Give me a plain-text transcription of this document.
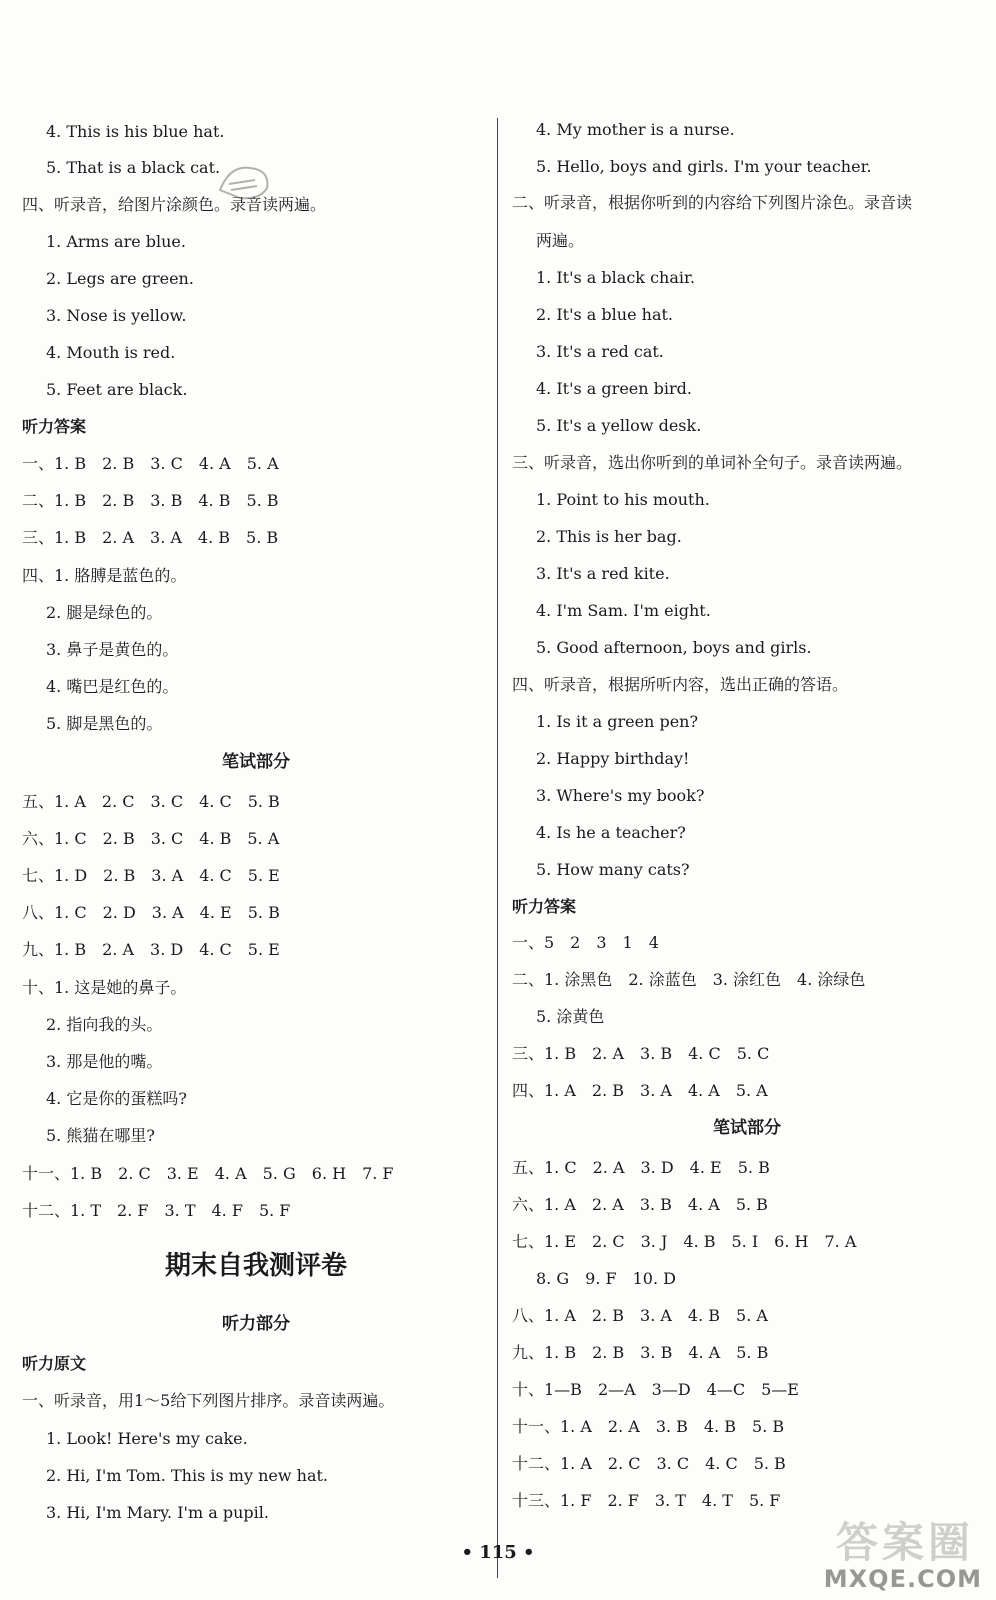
4. This is his blue hat.
5. That is a black cat.
四、听录音，给图片涂颜色。录音读两遍。
1. Arms are blue.
2. Legs are green.
3. Nose is yellow.
4. Mouth is red.
5. Feet are black.
听力答案
一、1. B　2. B　3. C　4. A　5. A
二、1. B　2. B　3. B　4. B　5. B
三、1. B　2. A　3. A　4. B　5. B
四、1. 胳膊是蓝色的。
2. 腿是绿色的。
3. 鼻子是黄色的。
4. 嘴巴是红色的。
5. 脚是黑色的。
笔试部分
五、1. A　2. C　3. C　4. C　5. B
六、1. C　2. B　3. C　4. B　5. A
七、1. D　2. B　3. A　4. C　5. E
八、1. C　2. D　3. A　4. E　5. B
九、1. B　2. A　3. D　4. C　5. E
十、1. 这是她的鼻子。
2. 指向我的头。
3. 那是他的嘴。
4. 它是你的蛋糕吗?
5. 熊猫在哪里?
十一、1. B　2. C　3. E　4. A　5. G　6. H　7. F
十二、1. T　2. F　3. T　4. F　5. F
期末自我测评卷
听力部分
听力原文
一、听录音，用1～5给下列图片排序。录音读两遍。
1. Look! Here's my cake.
2. Hi, I'm Tom. This is my new hat.
3. Hi, I'm Mary. I'm a pupil.
4. My mother is a nurse.
5. Hello, boys and girls. I'm your teacher.
二、听录音，根据你听到的内容给下列图片涂色。录音读
两遍。
1. It's a black chair.
2. It's a blue hat.
3. It's a red cat.
4. It's a green bird.
5. It's a yellow desk.
三、听录音，选出你听到的单词补全句子。录音读两遍。
1. Point to his mouth.
2. This is her bag.
3. It's a red kite.
4. I'm Sam. I'm eight.
5. Good afternoon, boys and girls.
四、听录音，根据所听内容，选出正确的答语。
1. Is it a green pen?
2. Happy birthday!
3. Where's my book?
4. Is he a teacher?
5. How many cats?
听力答案
一、5　2　3　1　4
二、1. 涂黑色　2. 涂蓝色　3. 涂红色　4. 涂绿色
5. 涂黄色
三、1. B　2. A　3. B　4. C　5. C
四、1. A　2. B　3. A　4. A　5. A
笔试部分
五、1. C　2. A　3. D　4. E　5. B
六、1. A　2. A　3. B　4. A　5. B
七、1. E　2. C　3. J　4. B　5. I　6. H　7. A
8. G　9. F　10. D
八、1. A　2. B　3. A　4. B　5. A
九、1. B　2. B　3. B　4. A　5. B
十、1—B　2—A　3—D　4—C　5—E
十一、1. A　2. A　3. B　4. B　5. B
十二、1. A　2. C　3. C　4. C　5. B
十三、1. F　2. F　3. T　4. T　5. F
• 115 •	答案圈
MXQE.COM
